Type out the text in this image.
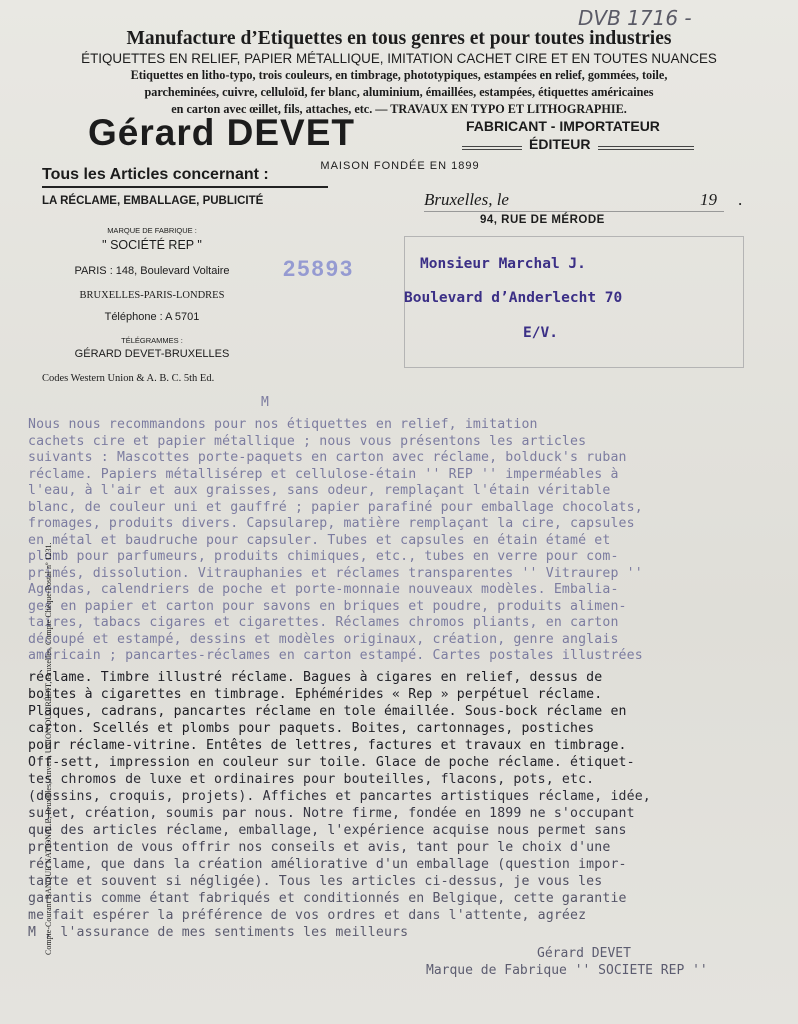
DVB 1716 -
Manufacture d’Etiquettes en tous genres et pour toutes industries
ÉTIQUETTES EN RELIEF, PAPIER MÉTALLIQUE, IMITATION CACHET CIRE ET EN TOUTES NUANCES
Etiquettes en litho-typo, trois couleurs, en timbrage, phototypiques, estampées en relief, gommées, toile,
parcheminées, cuivre, celluloïd, fer blanc, aluminium, émaillées, estampées, étiquettes américaines
en carton avec œillet, fils, attaches, etc. — TRAVAUX EN TYPO ET LITHOGRAPHIE.
Gérard DEVET	FABRICANT - IMPORTATEUR
ÉDITEUR
MAISON FONDÉE EN 1899
Tous les Articles concernant :
LA RÉCLAME, EMBALLAGE, PUBLICITÉ
MARQUE DE FABRIQUE :
" SOCIÉTÉ REP "
PARIS : 148, Boulevard Voltaire
BRUXELLES-PARIS-LONDRES
Téléphone : A 5701
TÉLÉGRAMMES :
GÉRARD DEVET-BRUXELLES
Codes Western Union & A. B. C. 5th Ed.
Bruxelles, le	19 .
94, RUE DE MÉRODE
25893	Monsieur Marchal J.
Boulevard d’Anderlecht 70
E/V.
M
Nous nous recommandons pour nos étiquettes en relief, imitation
cachets cire et papier métallique ; nous vous présentons les articles
suivants : Mascottes porte-paquets en carton avec réclame, bolduck's ruban
réclame. Papiers métallisérep et cellulose-étain '' REP '' imperméables à
l'eau, à l'air et aux graisses, sans odeur, remplaçant l'étain véritable
blanc, de couleur uni et gauffré ; papier parafiné pour emballage chocolats,
fromages, produits divers. Capsularep, matière remplaçant la cire, capsules
en métal et baudruche pour capsuler. Tubes et capsules en étain étamé et
plomb pour parfumeurs, produits chimiques, etc., tubes en verre pour com-
primés, dissolution. Vitrauphanies et réclames transparentes '' Vitraurep ''
Agendas, calendriers de poche et porte-monnaie nouveaux modèles. Embalia-
ges en papier et carton pour savons en briques et poudre, produits alimen-
taires, tabacs cigares et cigarettes. Réclames chromos pliants, en carton
découpé et estampé, dessins et modèles originaux, création, genre anglais
américain ; pancartes-réclames en carton estampé. Cartes postales illustrées
réclame. Timbre illustré réclame. Bagues à cigares en relief, dessus de
boites à cigarettes en timbrage. Ephémérides « Rep » perpétuel réclame.
Plaques, cadrans, pancartes réclame en tole émaillée. Sous-bock réclame en
carton. Scellés et plombs pour paquets. Boites, cartonnages, postiches
pour réclame-vitrine. Entêtes de lettres, factures et travaux en timbrage.
Off-sett, impression en couleur sur toile. Glace de poche réclame. étiquet-
tes chromos de luxe et ordinaires pour bouteilles, flacons, pots, etc.
(dessins, croquis, projets). Affiches et pancartes artistiques réclame, idée,
sujet, création, soumis par nous. Notre firme, fondée en 1899 ne s'occupant
que des articles réclame, emballage, l'expérience acquise nous permet sans
prétention de vous offrir nos conseils et avis, tant pour le choix d'une
réclame, que dans la création améliorative d'un emballage (question impor-
tante et souvent si négligée). Tous les articles ci-dessus, je vous les
garantis comme étant fabriqués et conditionnés en Belgique, cette garantie
me fait espérer la préférence de vos ordres et dans l'attente, agréez
M , l'assurance de mes sentiments les meilleurs
Gérard DEVET
Marque de Fabrique '' SOCIETE REP ''
Compte-Courant BANQUE NATIONALE, Bruxelles, Anvers, UNION DU CRÉDIT, Bruxelles, Compte Chèque-Postal nº 1231.
